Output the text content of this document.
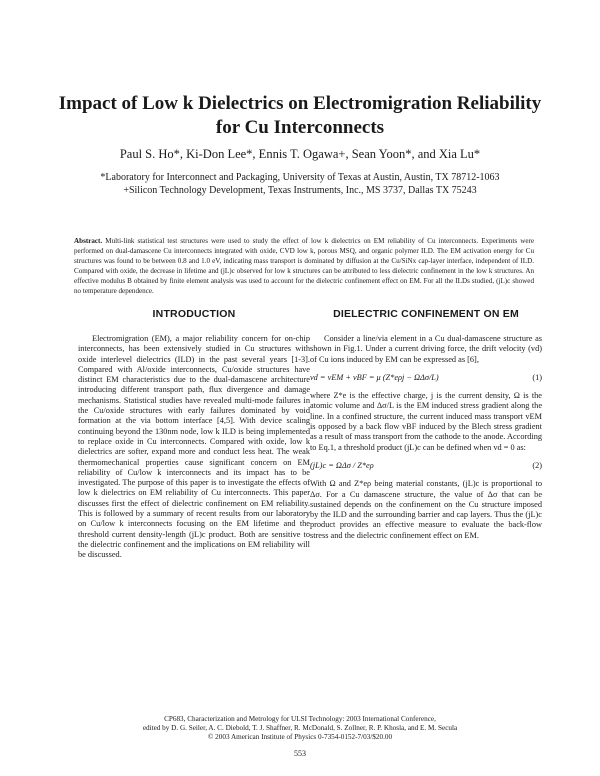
Impact of Low k Dielectrics on Electromigration Reliability
for Cu Interconnects
Paul S. Ho*, Ki-Don Lee*, Ennis T. Ogawa+, Sean Yoon*, and Xia Lu*
*Laboratory for Interconnect and Packaging, University of Texas at Austin, Austin, TX 78712-1063
+Silicon Technology Development, Texas Instruments, Inc., MS 3737, Dallas TX 75243
Abstract. Multi-link statistical test structures were used to study the effect of low k dielectrics on EM reliability of Cu interconnects. Experiments were performed on dual-damascene Cu interconnects integrated with oxide, CVD low k, porous MSQ, and organic polymer ILD. The EM activation energy for Cu structures was found to be between 0.8 and 1.0 eV, indicating mass transport is dominated by diffusion at the Cu/SiNx cap-layer interface, independent of ILD. Compared with oxide, the decrease in lifetime and (jL)c observed for low k structures can be attributed to less dielectric confinement in the low k structures. An effective modulus B obtained by finite element analysis was used to account for the dielectric confinement effect on EM. For all the ILDs studied, (jL)c showed no temperature dependence.
INTRODUCTION

Electromigration (EM), a major reliability concern for on-chip interconnects, has been extensively studied in Cu structures with oxide interlevel dielectrics (ILD) in the past several years [1-3]. Compared with Al/oxide interconnects, Cu/oxide structures have distinct EM characteristics due to the dual-damascene architecture introducing different transport path, flux divergence and damage mechanisms. Statistical studies have revealed multi-mode failures in the Cu/oxide structures with early failures dominated by void formation at the via bottom interface [4,5]. With device scaling continuing beyond the 130nm node, low k ILD is being implemented to replace oxide in Cu interconnects. Compared with oxide, low k dielectrics are softer, expand more and conduct less heat. The weak thermomechanical properties cause significant concern on EM reliability of Cu/low k interconnects and its impact has to be investigated. The purpose of this paper is to investigate the effects of low k dielectrics on EM reliability of Cu interconnects. This paper discusses first the effect of dielectric confinement on EM reliability. This is followed by a summary of recent results from our laboratory on Cu/low k interconnects focusing on the EM lifetime and the threshold current density-length (jL)c product. Both are sensitive to the dielectric confinement and the implications on EM reliability will be discussed.

DIELECTRIC CONFINEMENT ON EM

Consider a line/via element in a Cu dual-damascene structure as shown in Fig.1. Under a current driving force, the drift velocity (vd) of Cu ions induced by EM can be expressed as [6],

vd = vEM + vBF = μ (Z*eρj − ΩΔσ/L)	(1)

where Z*e is the effective charge, j is the current density, Ω is the atomic volume and Δσ/L is the EM induced stress gradient along the line. In a confined structure, the current induced mass transport vEM is opposed by a back flow vBF induced by the Blech stress gradient as a result of mass transport from the cathode to the anode. According to Eq.1, a threshold product (jL)c can be defined when vd = 0 as:

(jL)c = ΩΔσ / Z*eρ	(2)

With Ω and Z*eρ being material constants, (jL)c is proportional to Δσ. For a Cu damascene structure, the value of Δσ that can be sustained depends on the confinement on the Cu structure imposed by the ILD and the surrounding barrier and cap layers. Thus the (jL)c product provides an effective measure to evaluate the back-flow stress and the dielectric confinement effect on EM.

CP683, Characterization and Metrology for ULSI Technology: 2003 International Conference,
edited by D. G. Seiler, A. C. Diebold, T. J. Shaffner, R. McDonald, S. Zollner, R. P. Khosla, and E. M. Secula
© 2003 American Institute of Physics 0-7354-0152-7/03/$20.00
553
